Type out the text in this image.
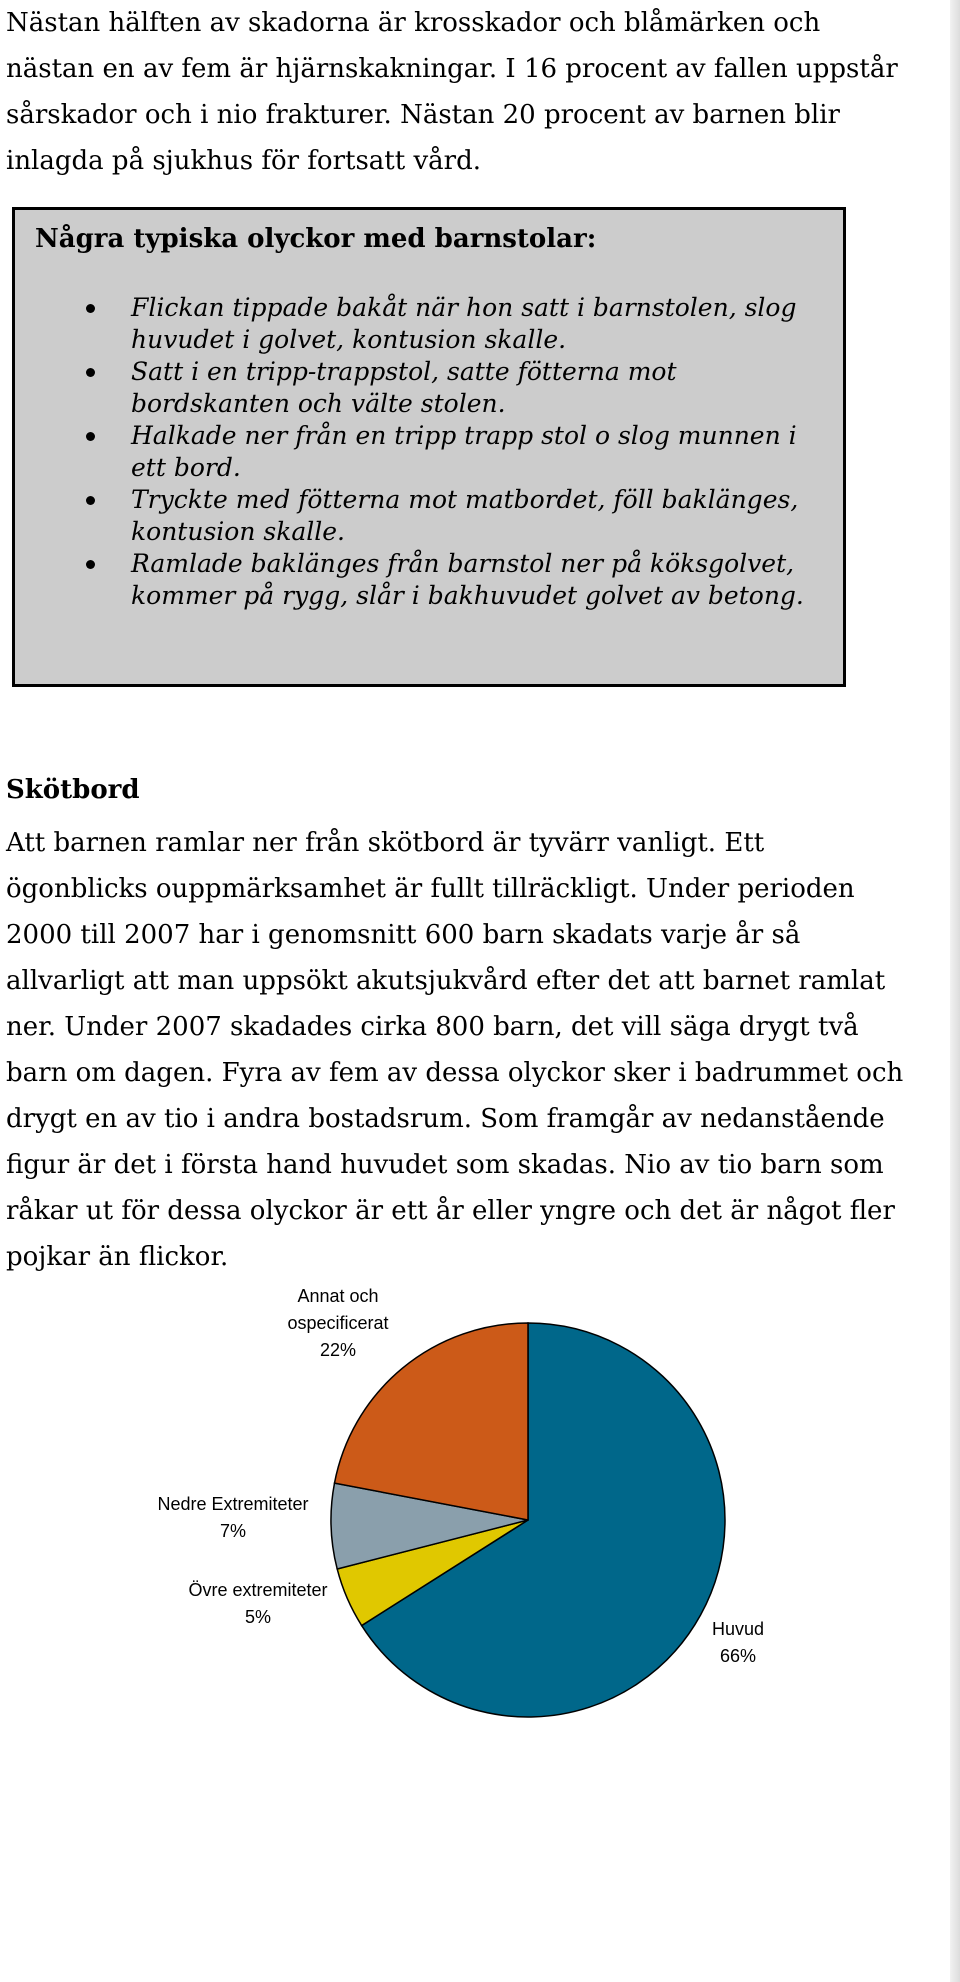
Nästan hälften av skadorna är krosskador och blåmärken och nästan en av fem är hjärnskakningar. I 16 procent av fallen uppstår sårskador och i nio frakturer. Nästan 20 procent av barnen blir inlagda på sjukhus för fortsatt vård.

Några typiska olyckor med barnstolar:
Flickan tippade bakåt när hon satt i barnstolen, slog huvudet i golvet, kontusion skalle.
Satt i en tripp-trappstol, satte fötterna mot bordskanten och välte stolen.
Halkade ner från en tripp trapp stol o slog munnen i ett bord.
Tryckte med fötterna mot matbordet, föll baklänges, kontusion skalle.
Ramlade baklänges från barnstol ner på köksgolvet, kommer på rygg, slår i bakhuvudet golvet av betong.
Skötbord

Att barnen ramlar ner från skötbord är tyvärr vanligt. Ett ögonblicks ouppmärksamhet är fullt tillräckligt. Under perioden 2000 till 2007 har i genomsnitt 600 barn skadats varje år så allvarligt att man uppsökt akutsjukvård efter det att barnet ramlat ner. Under 2007 skadades cirka 800 barn, det vill säga drygt två barn om dagen. Fyra av fem av dessa olyckor sker i badrummet och drygt en av tio i andra bostadsrum. Som framgår av nedanstående figur är det i första hand huvudet som skadas. Nio av tio barn som råkar ut för dessa olyckor är ett år eller yngre och det är något fler pojkar än flickor.

Huvud 66%
Övre extremiteter 5%
Nedre Extremiteter 7%
Annat och ospecificerat 22%
